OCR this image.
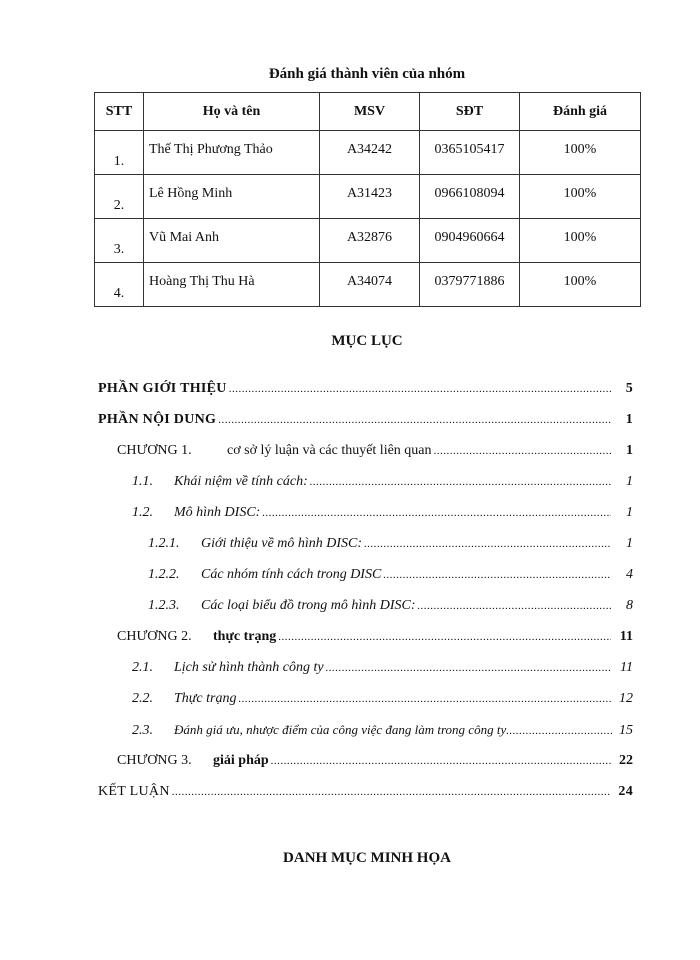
Đánh giá thành viên của nhóm
STT	Họ và tên	MSV	SĐT	Đánh giá
1.	Thế Thị Phương Thảo	A34242	0365105417	100%
2.	Lê Hồng Minh	A31423	0966108094	100%
3.	Vũ Mai Anh	A32876	0904960664	100%
4.	Hoàng Thị Thu Hà	A34074	0379771886	100%
MỤC LỤC
PHẦN GIỚI THIỆU .....	5
PHẦN NỘI DUNG .....	1
CHƯƠNG 1.	cơ sở lý luận và các thuyết liên quan .....	1
1.1.	Khái niệm về tính cách: .....	1
1.2.	Mô hình DISC: .....	1
1.2.1.	Giới thiệu về mô hình DISC: .....	1
1.2.2.	Các nhóm tính cách trong DISC .....	4
1.2.3.	Các loại biểu đồ trong mô hình DISC: .....	8
CHƯƠNG 2.	thực trạng .....	11
2.1.	Lịch sử hình thành công ty .....	11
2.2.	Thực trạng .....	12
2.3.	Đánh giá ưu, nhược điểm của công việc đang làm trong công ty .....	15
CHƯƠNG 3.	giải pháp .....	22
KẾT LUẬN .....	24
DANH MỤC MINH HỌA
